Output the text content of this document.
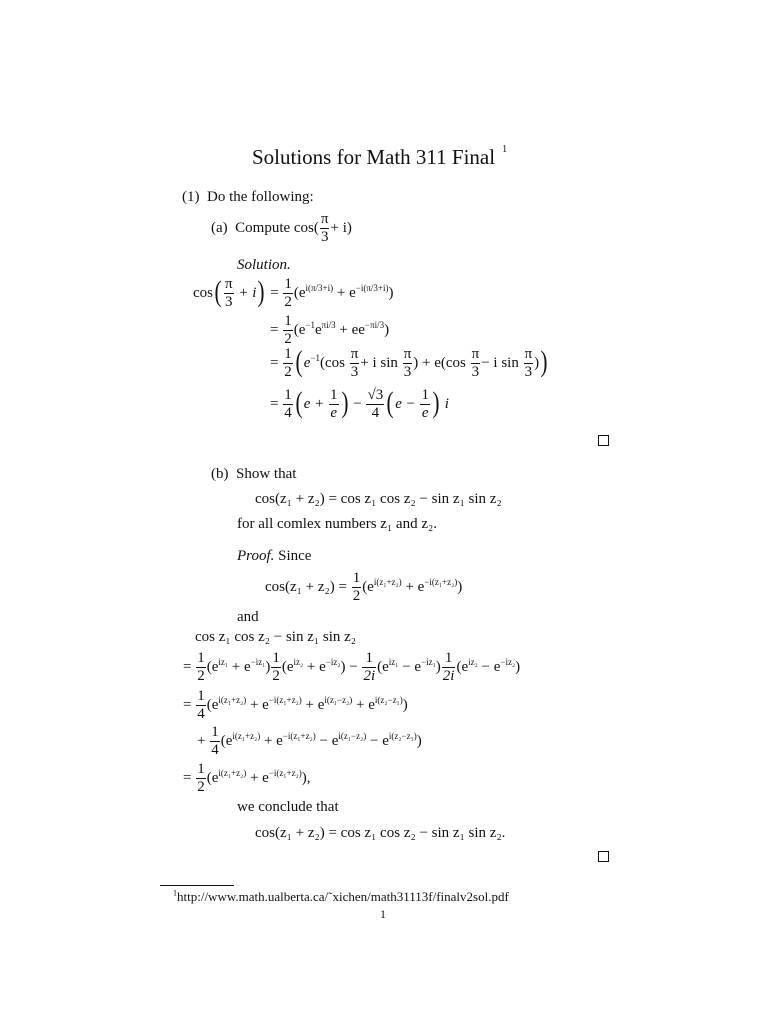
Solutions for Math 311 Final $^1$
(1) Do the following:
(a) Compute $\cos( \frac{\pi}{3} + i)$
Solution.
$\cos( \frac{\pi}{3} + i) = \frac{1}{2} (e^{i(\pi/3+i)} + e^{-i(\pi/3+i)})$
= $\frac{1}{2} (e^{-1}e^{\pi i/3} + ee^{-\pi i/3})$
= $\frac{1}{2}$ ( $e^{-1}(\cos \frac{\pi}{3} + i$ $\sin \frac{\pi}{3}$ ) + $e(\cos \frac{\pi}{3} - i$ $\sin \frac{\pi}{3}$ ))
= $\frac{1}{4}$ ( $e + \frac{1}{e}$ ) − $\frac{√3}{4}$ ( $e - \frac{1}{e}$ ) i
(b) Show that
cos(z₁ + z₂) = cos z₁ cos z₂ − sin z₁ sin z₂
for all comlex numbers z₁ and z₂.
Proof. Since
$\cos(z_1 + z_2) = \frac{1}{2} (e^{i(z_1+z_2)} + e^{-i(z_1+z_2)})$
and
cos z₁ cos z₂ − sin z₁ sin z₂
= $\frac{1}{2} (e^{iz_1} + e^{-iz_1}) \frac{1}{2} (e^{iz_2} + e^{-iz_2}) - \frac{1}{2i} (e^{iz_1} - e^{-iz_1}) \frac{1}{2i} (e^{iz_2} - e^{-iz_2})$
= $\frac{1}{4} (e^{i(z_1+z_2)} + e^{-i(z_1+z_2)} + e^{i(z_1-z_2)} + e^{i(z_2-z_1)})$
+ $\frac{1}{4} (e^{i(z_1+z_2)} + e^{-i(z_1+z_2)} - e^{i(z_1-z_2)} - e^{i(z_2-z_1)})$
= $\frac{1}{2} (e^{i(z_1+z_2)} + e^{-i(z_1+z_2)})$,
we conclude that
cos(z₁ + z₂) = cos z₁ cos z₂ − sin z₁ sin z₂.
$^1$http://www.math.ualberta.ca/˜xichen/math31113f/finalv2sol.pdf
1
